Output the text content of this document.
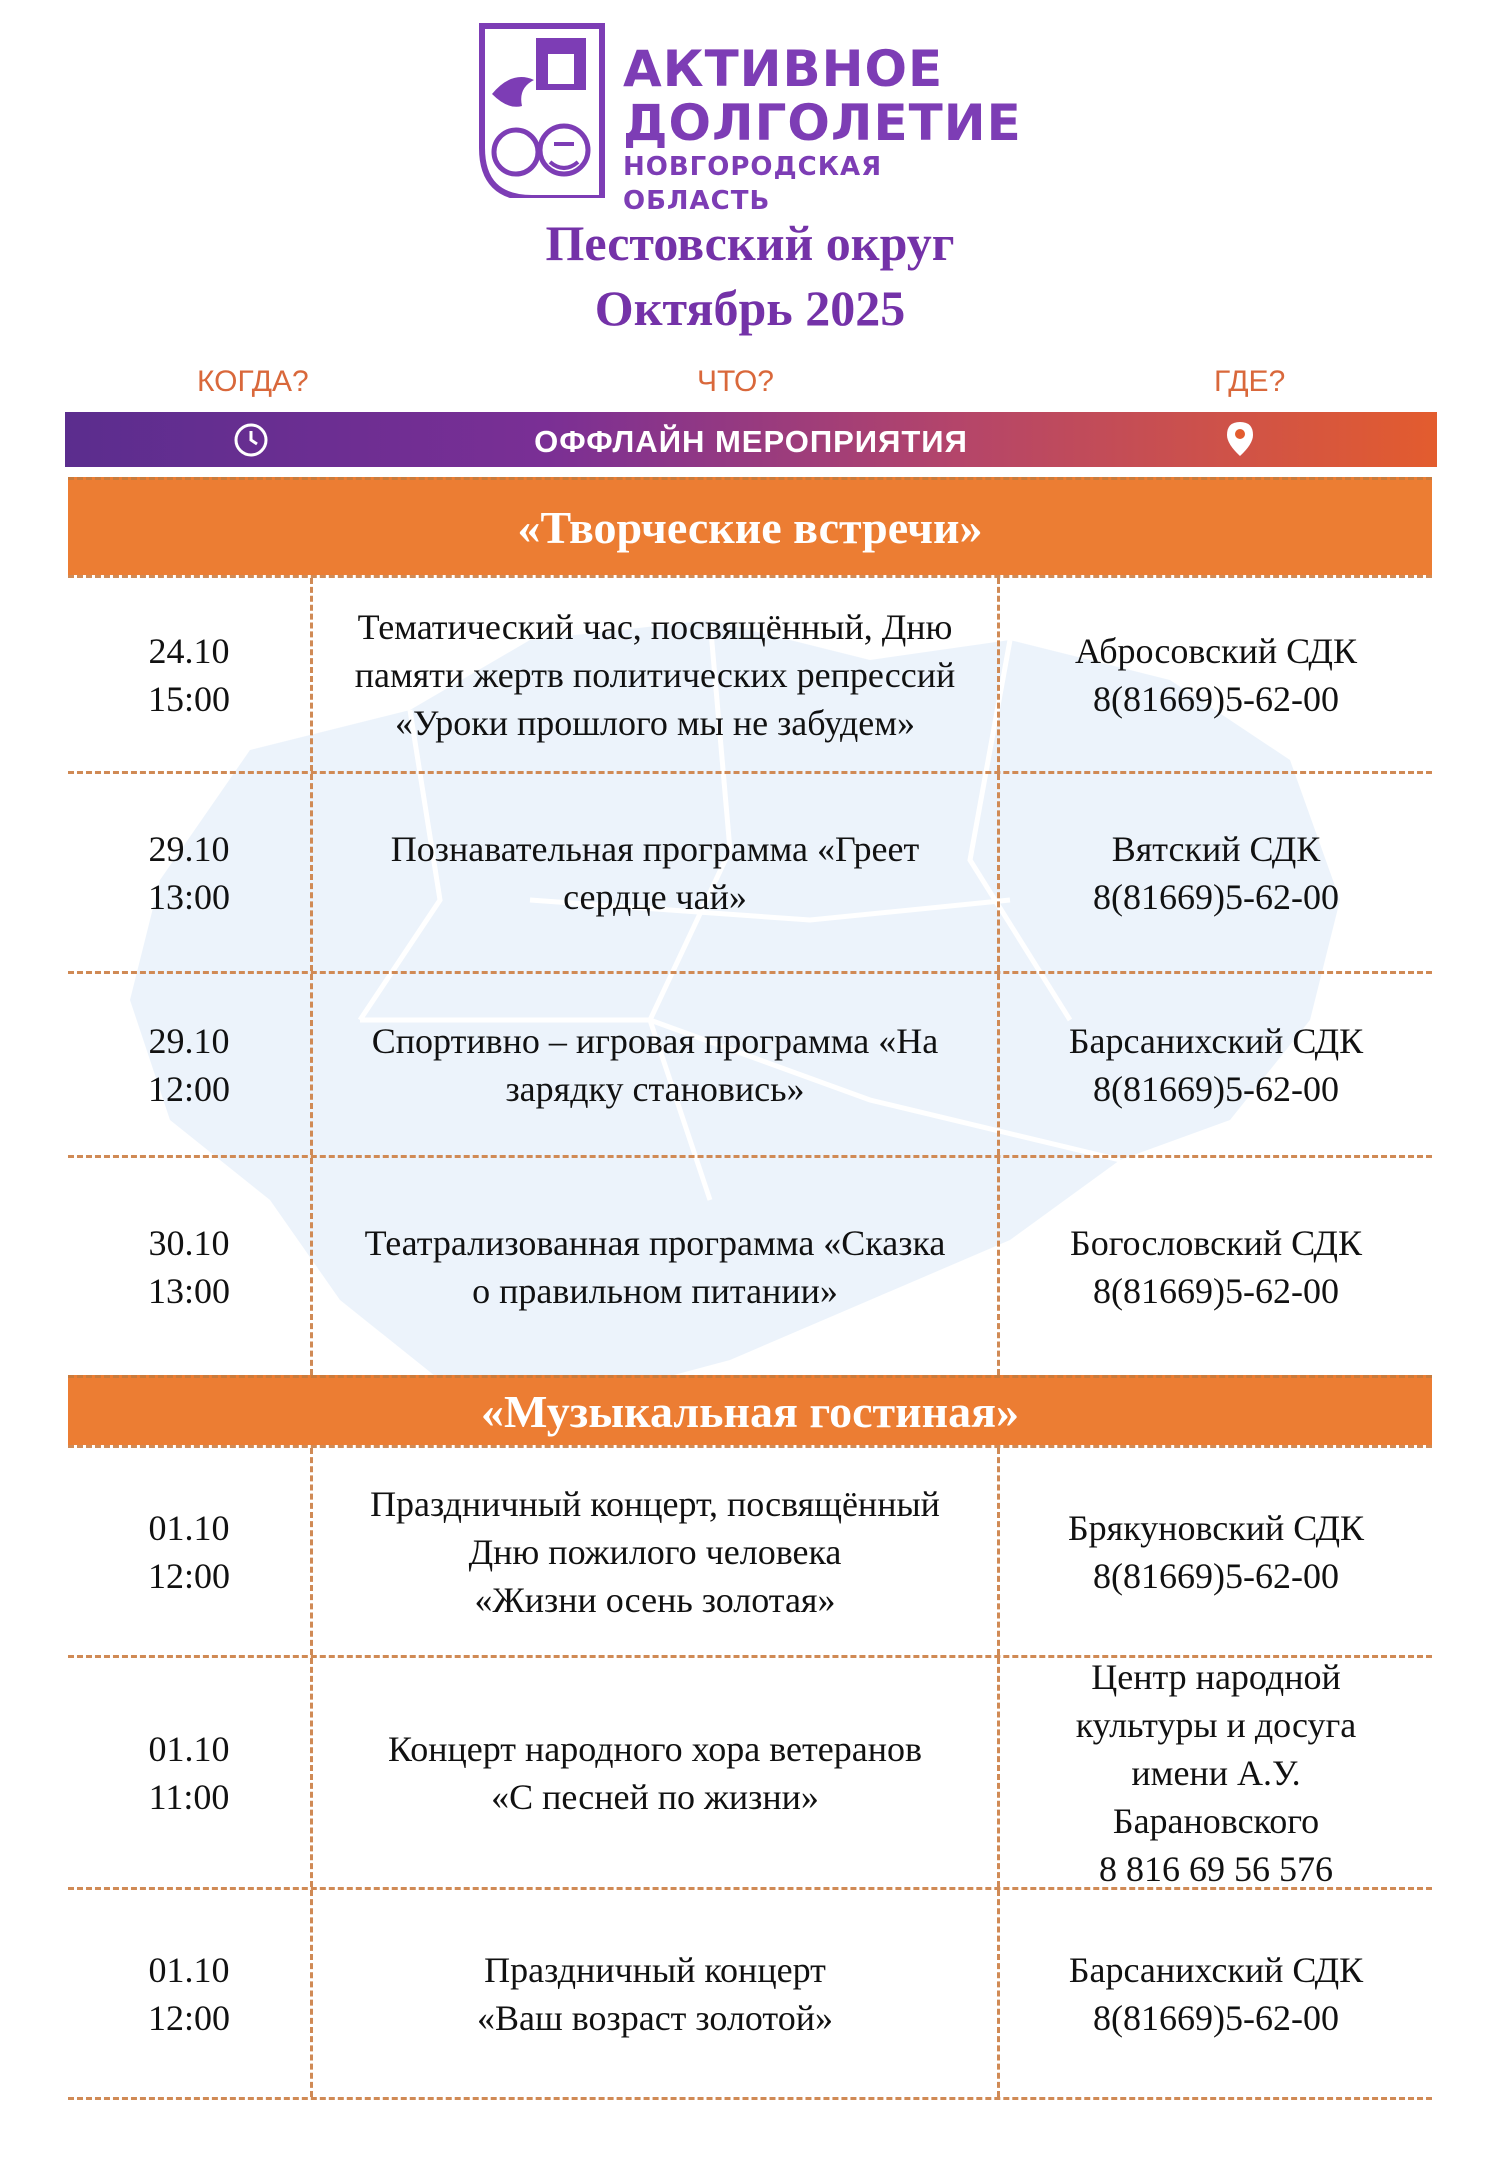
АКТИВНОЕ
ДОЛГОЛЕТИЕ
НОВГОРОДСКАЯ ОБЛАСТЬ
Пестовский округ
Октябрь 2025
КОГДА?	ЧТО?	ГДЕ?
ОФФЛАЙН МЕРОПРИЯТИЯ
«Творческие встречи»
24.10
15:00
Тематический час, посвящённый, Дню
памяти жертв политических репрессий
«Уроки прошлого мы не забудем»
Абросовский СДК
8(81669)5-62-00
29.10
13:00
Познавательная программа «Греет
сердце чай»
Вятский СДК
8(81669)5-62-00
29.10
12:00
Спортивно – игровая программа «На
зарядку становись»
Барсанихский СДК
8(81669)5-62-00
30.10
13:00
Театрализованная программа «Сказка
о правильном питании»
Богословский СДК
8(81669)5-62-00
«Музыкальная гостиная»
01.10
12:00
Праздничный концерт, посвящённый
Дню пожилого человека
«Жизни осень золотая»
Брякуновский СДК
8(81669)5-62-00
01.10
11:00
Концерт народного хора ветеранов
«С песней по жизни»
Центр народной
культуры и досуга
имени А.У.
Барановского
8 816 69 56 576
01.10
12:00
Праздничный концерт
«Ваш возраст золотой»
Барсанихский СДК
8(81669)5-62-00
